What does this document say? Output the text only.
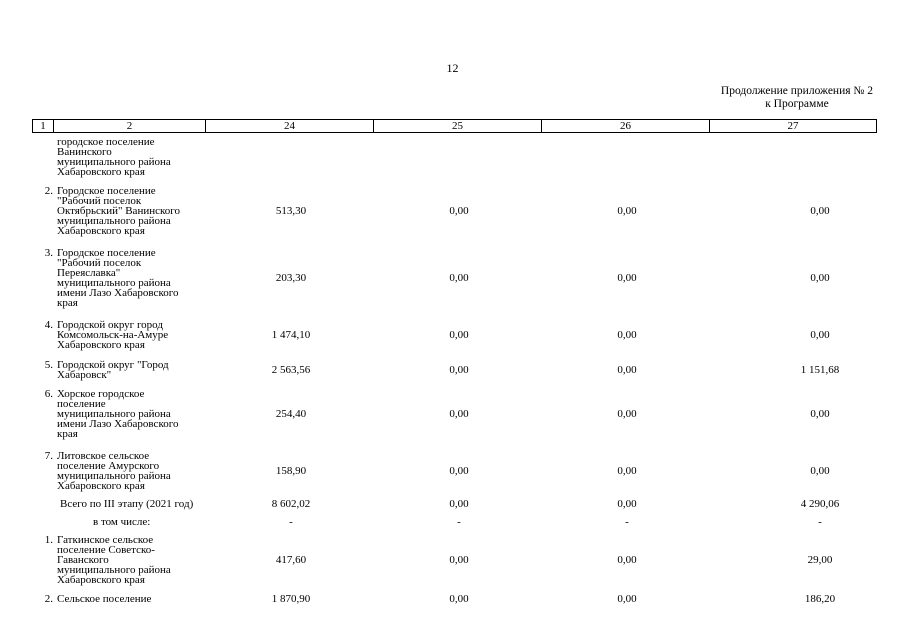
12
Продолжение приложения № 2
к Программе
1	2	24	25	26	27
городское поселение
Ванинского
муниципального района
Хабаровского края
2. Городское поселение
"Рабочий поселок
Октябрьский" Ванинского
муниципального района
Хабаровского края
513,30	0,00	0,00	0,00
3. Городское поселение
"Рабочий поселок
Переяславка"
муниципального района
имени Лазо Хабаровского
края
203,30	0,00	0,00	0,00
4. Городской округ город
Комсомольск-на-Амуре
Хабаровского края
1 474,10	0,00	0,00	0,00
5. Городской округ "Город
Хабаровск"	2 563,56	0,00	0,00	1 151,68
6. Хорское городское
поселение
муниципального района
имени Лазо Хабаровского
края
254,40	0,00	0,00	0,00
7. Литовское сельское
поселение Амурского
муниципального района
Хабаровского края
158,90	0,00	0,00	0,00
Всего по III этапу (2021 год)	8 602,02	0,00	0,00	4 290,06
в том числе:	-	-	-	-
1. Гаткинское сельское
поселение Советско-
Гаванского
муниципального района
Хабаровского края
417,60	0,00	0,00	29,00
2. Сельское поселение	1 870,90	0,00	0,00	186,20
